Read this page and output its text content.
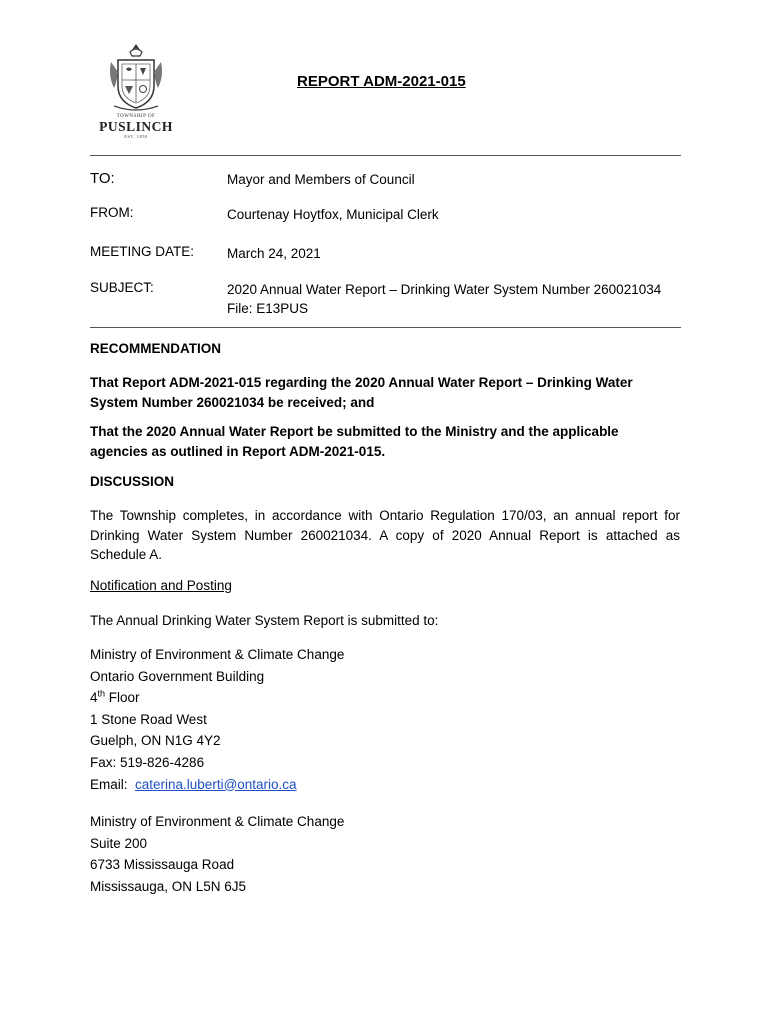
TOWNSHIP OF
PUSLINCH
EST. 1850
REPORT ADM-2021-015
TO:	Mayor and Members of Council
FROM:	Courtenay Hoytfox, Municipal Clerk
MEETING DATE: March 24, 2021
SUBJECT:	2020 Annual Water Report – Drinking Water System Number 260021034
File: E13PUS
RECOMMENDATION
That Report ADM-2021-015 regarding the 2020 Annual Water Report – Drinking Water System Number 260021034 be received; and
That the 2020 Annual Water Report be submitted to the Ministry and the applicable agencies as outlined in Report ADM-2021-015.
DISCUSSION
The Township completes, in accordance with Ontario Regulation 170/03, an annual report for Drinking Water System Number 260021034. A copy of 2020 Annual Report is attached as Schedule A.
Notification and Posting
The Annual Drinking Water System Report is submitted to:
Ministry of Environment & Climate Change
Ontario Government Building
4th Floor
1 Stone Road West
Guelph, ON N1G 4Y2
Fax: 519-826-4286
Email:  caterina.luberti@ontario.ca
Ministry of Environment & Climate Change
Suite 200
6733 Mississauga Road
Mississauga, ON L5N 6J5
